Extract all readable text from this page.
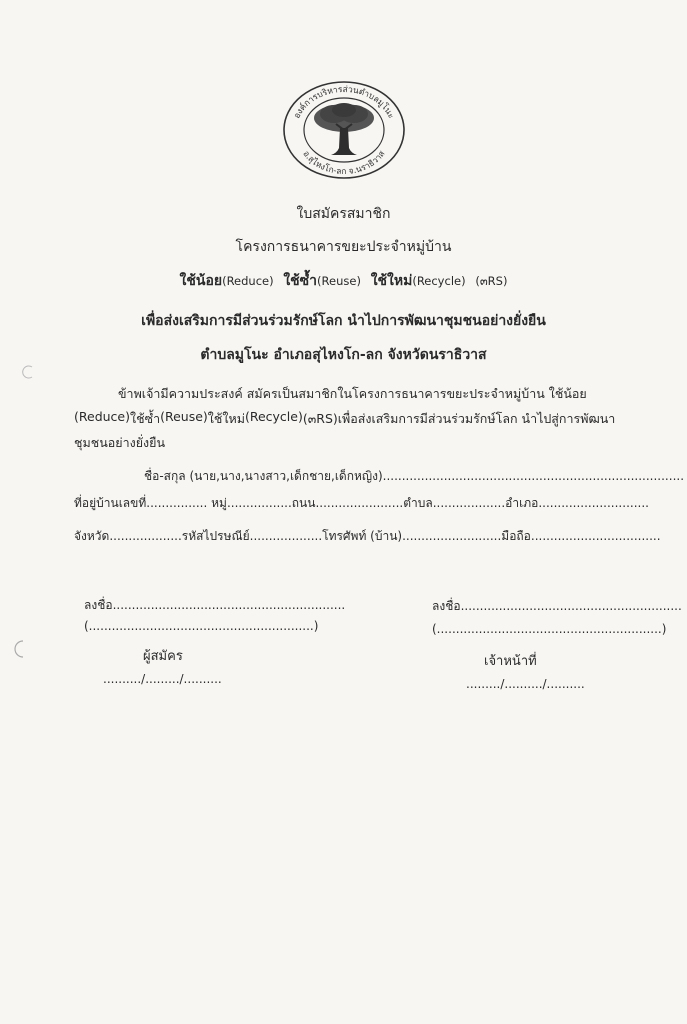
องค์การบริหารส่วนตำบลมูโนะ
อ.สุไหงโก-ลก จ.นราธิวาส
ใบสมัครสมาชิก
โครงการธนาคารขยะประจำหมู่บ้าน
ใช้น้อย(Reduce) ใช้ซ้ำ(Reuse) ใช้ใหม่(Recycle) (๓RS)
เพื่อส่งเสริมการมีส่วนร่วมรักษ์โลก นำไปการพัฒนาชุมชนอย่างยั่งยืน
ตำบลมูโนะ อำเภอสุไหงโก-ลก จังหวัดนราธิวาส
ข้าพเจ้ามีความประสงค์ สมัครเป็นสมาชิกในโครงการธนาคารขยะประจำหมู่บ้าน ใช้น้อย
(Reduce) ใช้ซ้ำ (Reuse) ใช้ใหม่ (Recycle) (๓RS) เพื่อส่งเสริมการมีส่วนร่วมรักษ์โลก นำไปสู่การพัฒนา
ชุมชนอย่างยั่งยืน
ชื่อ-สกุล (นาย,นาง,นางสาว,เด็กชาย,เด็กหญิง)...............................................................................
ที่อยู่บ้านเลขที่................ หมู่.................ถนน.......................ตำบล...................อำเภอ.............................
จังหวัด...................รหัสไปรษณีย์...................โทรศัพท์ (บ้าน)..........................มือถือ..................................
ลงชื่อ.............................................................
(...........................................................)
ผู้สมัคร
........../........./..........
ลงชื่อ..........................................................
(...........................................................)
เจ้าหน้าที่
........./........../..........
